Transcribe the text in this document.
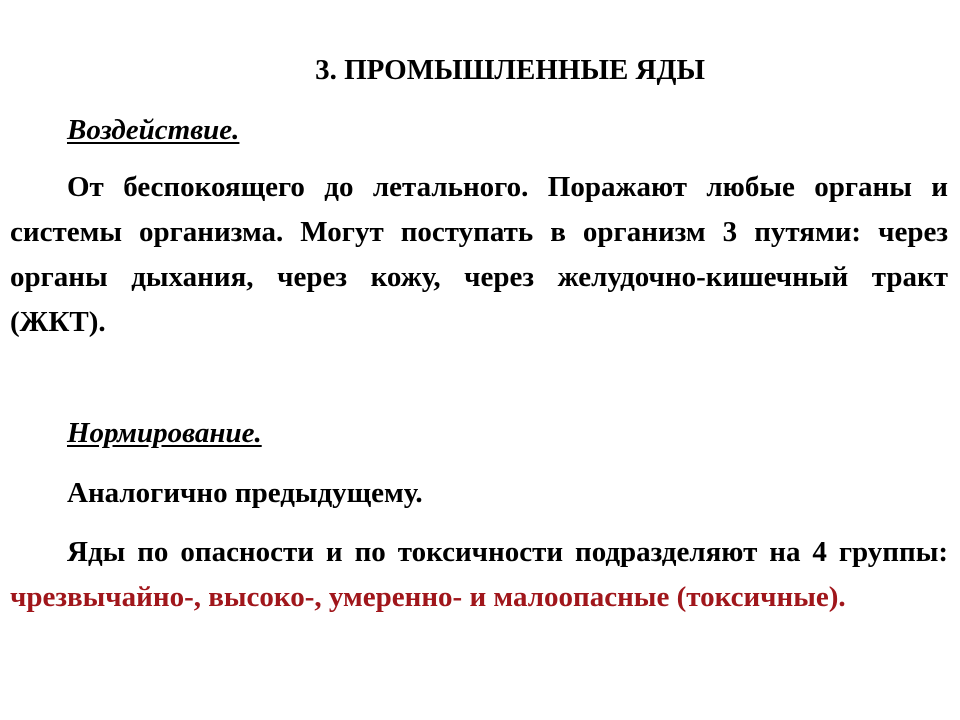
3. ПРОМЫШЛЕННЫЕ ЯДЫ
Воздействие.
От беспокоящего до летального. Поражают любые органы и системы организма. Могут поступать в организм 3 путями: через органы дыхания, через кожу, через желудочно-кишечный тракт (ЖКТ).
Нормирование.
Аналогично предыдущему.
Яды по опасности и по токсичности подразделяют на 4 группы: чрезвычайно-, высоко-, умеренно- и малоопасные (токсичные).
